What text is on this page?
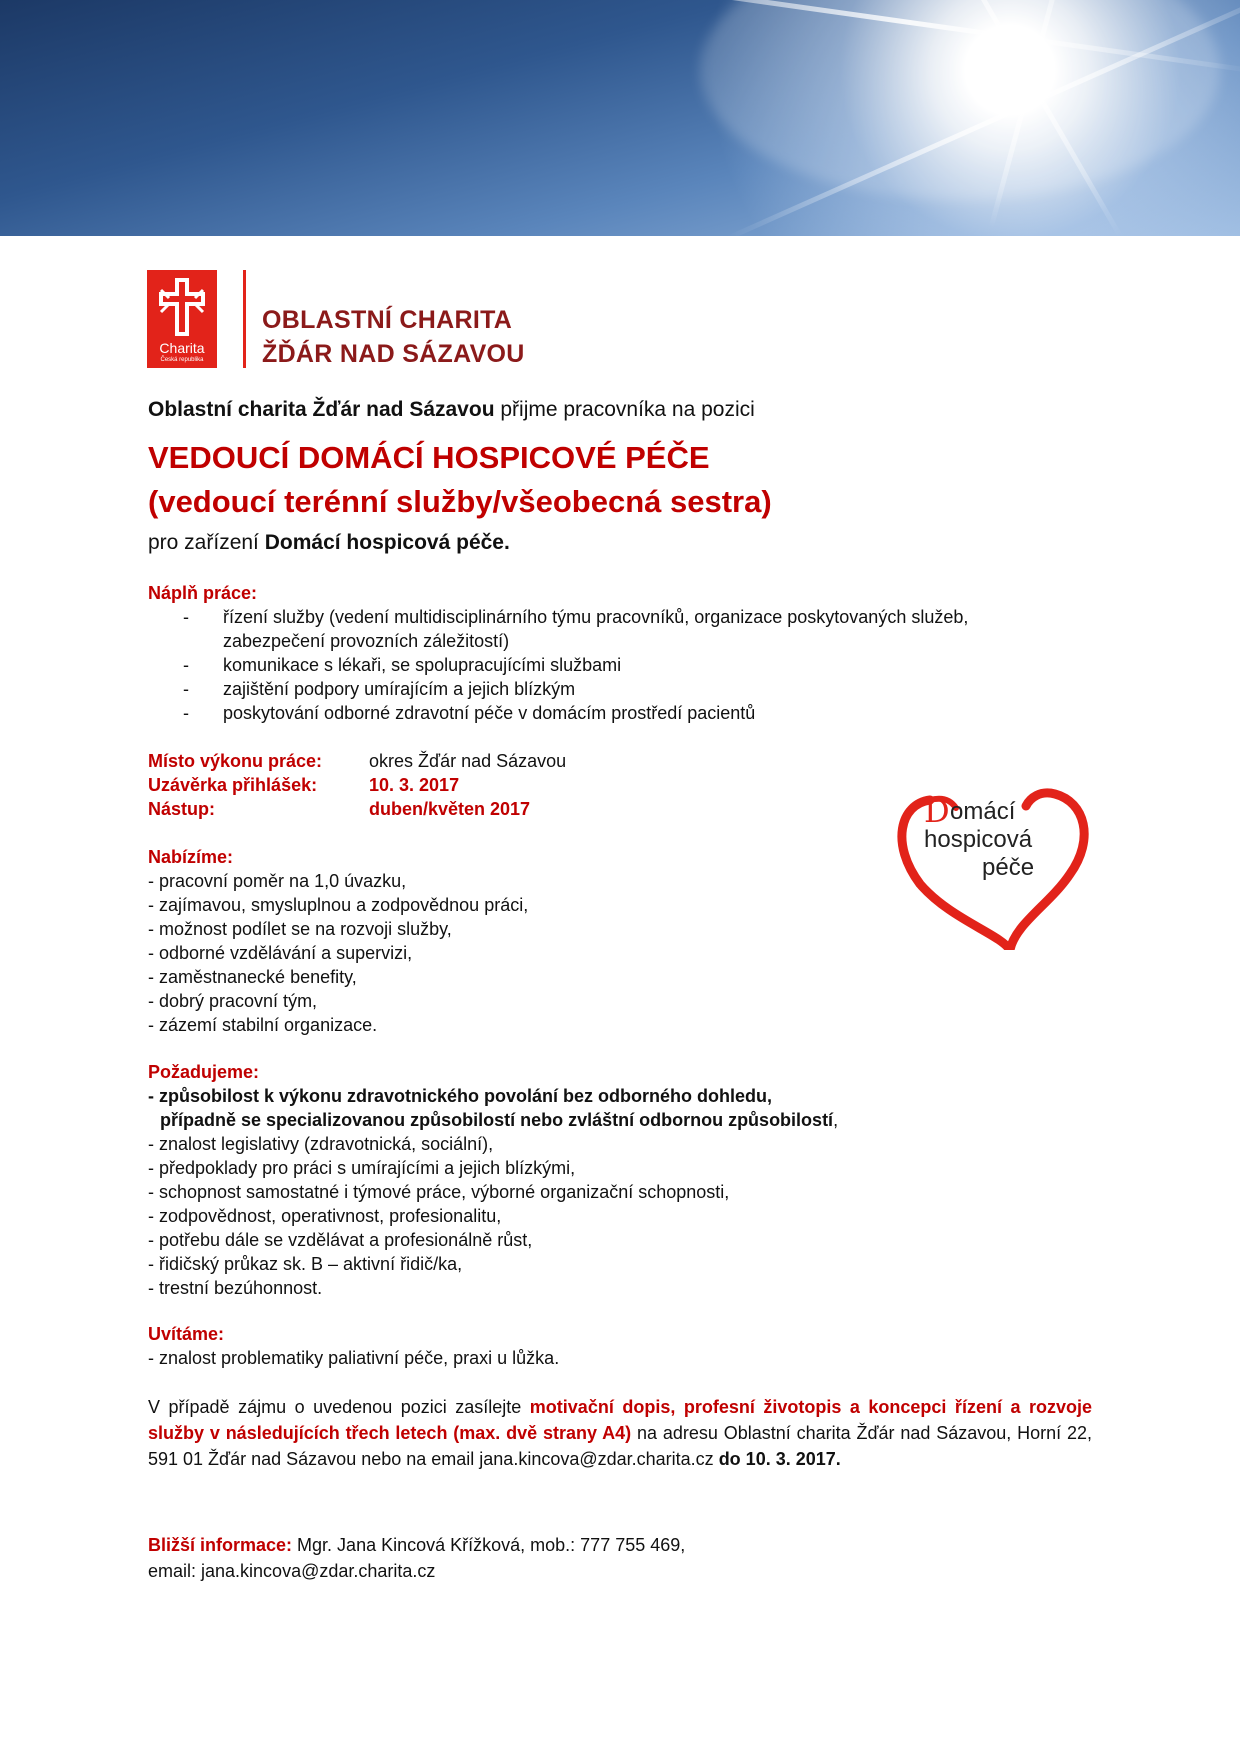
Charita
Česká republika
OBLASTNÍ CHARITA
ŽĎÁR NAD SÁZAVOU
Oblastní charita Žďár nad Sázavou přijme pracovníka na pozici
VEDOUCÍ DOMÁCÍ HOSPICOVÉ PÉČE
(vedoucí terénní služby/všeobecná sestra)
pro zařízení Domácí hospicová péče.
Náplň práce:
- řízení služby (vedení multidisciplinárního týmu pracovníků, organizace poskytovaných služeb,
zabezpečení provozních záležitostí)
- komunikace s lékaři, se spolupracujícími službami
- zajištění podpory umírajícím a jejich blízkým
- poskytování odborné zdravotní péče v domácím prostředí pacientů
Místo výkonu práce:	okres Žďár nad Sázavou
Uzávěrka přihlášek:	10. 3. 2017
Nástup:	duben/květen 2017	D omácí
hospicová
péče
Nabízíme:
- pracovní poměr na 1,0 úvazku,
- zajímavou, smysluplnou a zodpovědnou práci,
- možnost podílet se na rozvoji služby,
- odborné vzdělávání a supervizi,
- zaměstnanecké benefity,
- dobrý pracovní tým,
- zázemí stabilní organizace.
Požadujeme:
- způsobilost k výkonu zdravotnického povolání bez odborného dohledu,
případně se specializovanou způsobilostí nebo zvláštní odbornou způsobilostí,
- znalost legislativy (zdravotnická, sociální),
- předpoklady pro práci s umírajícími a jejich blízkými,
- schopnost samostatné i týmové práce, výborné organizační schopnosti,
- zodpovědnost, operativnost, profesionalitu,
- potřebu dále se vzdělávat a profesionálně růst,
- řidičský průkaz sk. B – aktivní řidič/ka,
- trestní bezúhonnost.
Uvítáme:
- znalost problematiky paliativní péče, praxi u lůžka.
V případě zájmu o uvedenou pozici zasílejte motivační dopis, profesní životopis a koncepci řízení a rozvoje služby v následujících třech letech (max. dvě strany A4) na adresu Oblastní charita Žďár nad Sázavou, Horní 22, 591 01 Žďár nad Sázavou nebo na email jana.kincova@zdar.charita.cz do 10. 3. 2017.
Bližší informace: Mgr. Jana Kincová Křížková, mob.: 777 755 469,
email: jana.kincova@zdar.charita.cz
